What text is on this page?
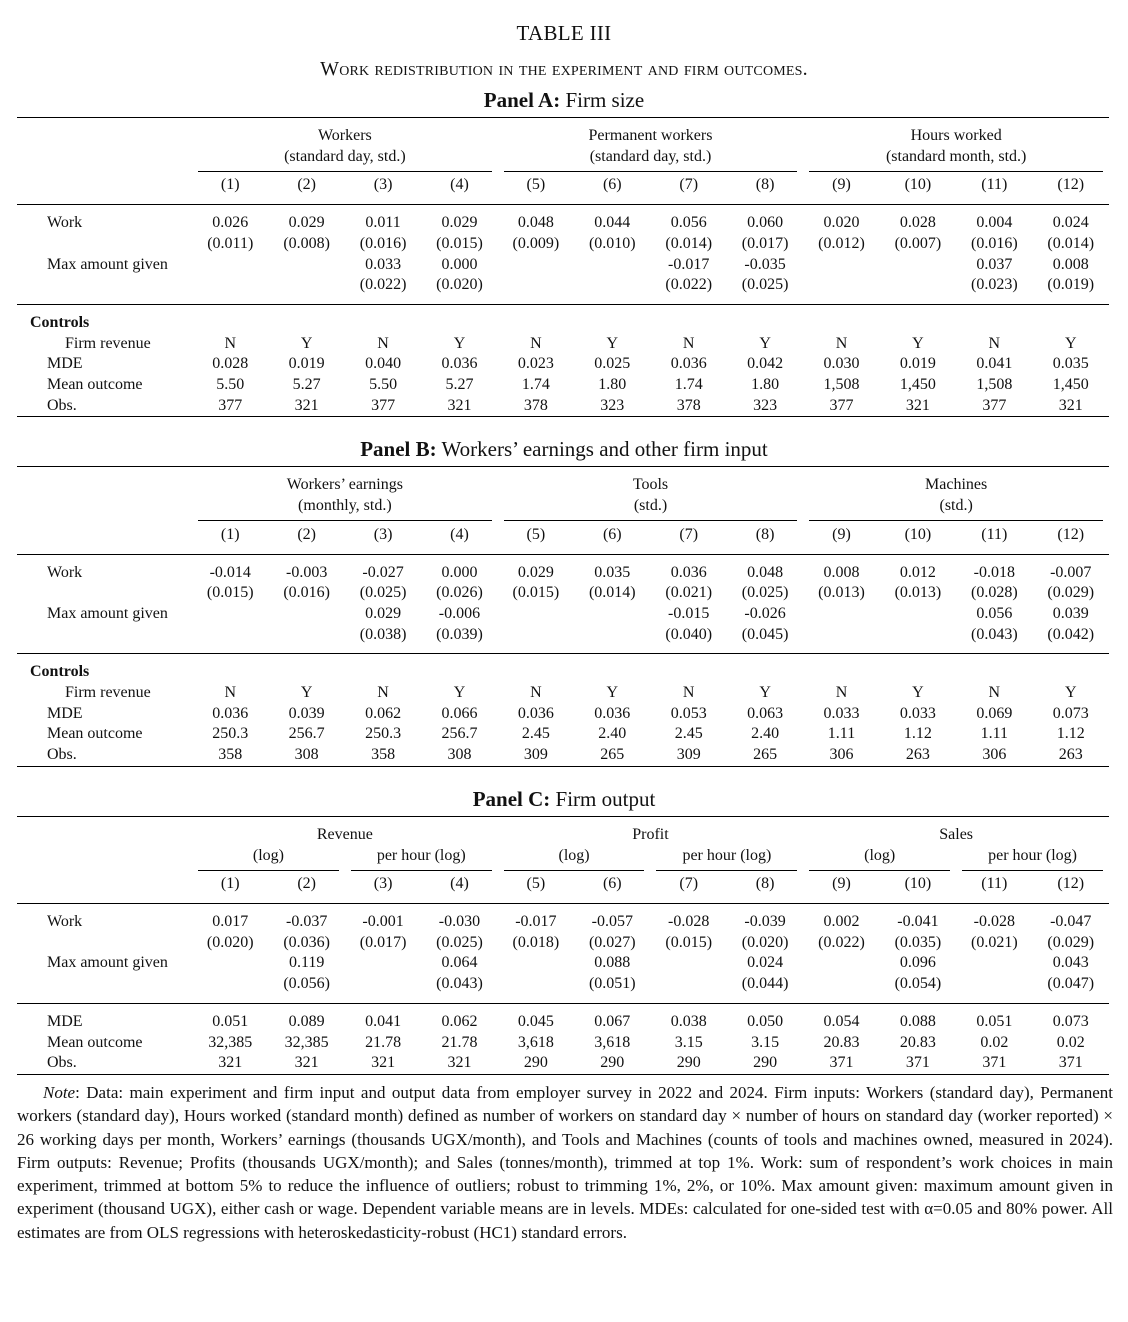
TABLE III
Work redistribution in the experiment and firm outcomes.
Panel A: Firm size

	Workers				Permanent workers				Hours worked			
	(standard day, std.)				(standard day, std.)				(standard month, std.)			

	(1)	(2)	(3)	(4)	(5)	(6)	(7)	(8)	(9)	(10)	(11)	(12)

Work	0.026	0.029	0.011	0.029	0.048	0.044	0.056	0.060	0.020	0.028	0.004	0.024
	(0.011)	(0.008)	(0.016)	(0.015)	(0.009)	(0.010)	(0.014)	(0.017)	(0.012)	(0.007)	(0.016)	(0.014)
Max amount given			0.033	0.000			-0.017	-0.035			0.037	0.008
			(0.022)	(0.020)			(0.022)	(0.025)			(0.023)	(0.019)

Controls												
Firm revenue	N	Y	N	Y	N	Y	N	Y	N	Y	N	Y
MDE	0.028	0.019	0.040	0.036	0.023	0.025	0.036	0.042	0.030	0.019	0.041	0.035
Mean outcome	5.50	5.27	5.50	5.27	1.74	1.80	1.74	1.80	1,508	1,450	1,508	1,450
Obs.	377	321	377	321	378	323	378	323	377	321	377	321
Panel B: Workers’ earnings and other firm input

	Workers’ earnings				Tools				Machines			
	(monthly, std.)				(std.)				(std.)			

	(1)	(2)	(3)	(4)	(5)	(6)	(7)	(8)	(9)	(10)	(11)	(12)

Work	-0.014	-0.003	-0.027	0.000	0.029	0.035	0.036	0.048	0.008	0.012	-0.018	-0.007
	(0.015)	(0.016)	(0.025)	(0.026)	(0.015)	(0.014)	(0.021)	(0.025)	(0.013)	(0.013)	(0.028)	(0.029)
Max amount given			0.029	-0.006			-0.015	-0.026			0.056	0.039
			(0.038)	(0.039)			(0.040)	(0.045)			(0.043)	(0.042)

Controls												
Firm revenue	N	Y	N	Y	N	Y	N	Y	N	Y	N	Y
MDE	0.036	0.039	0.062	0.066	0.036	0.036	0.053	0.063	0.033	0.033	0.069	0.073
Mean outcome	250.3	256.7	250.3	256.7	2.45	2.40	2.45	2.40	1.11	1.12	1.11	1.12
Obs.	358	308	358	308	309	265	309	265	306	263	306	263
Panel C: Firm output

	Revenue				Profit				Sales			
	(log)		per hour (log)		(log)		per hour (log)		(log)		per hour (log)	

	(1)	(2)	(3)	(4)	(5)	(6)	(7)	(8)	(9)	(10)	(11)	(12)

Work	0.017	-0.037	-0.001	-0.030	-0.017	-0.057	-0.028	-0.039	0.002	-0.041	-0.028	-0.047
	(0.020)	(0.036)	(0.017)	(0.025)	(0.018)	(0.027)	(0.015)	(0.020)	(0.022)	(0.035)	(0.021)	(0.029)
Max amount given		0.119		0.064		0.088		0.024		0.096		0.043
		(0.056)		(0.043)		(0.051)		(0.044)		(0.054)		(0.047)

MDE	0.051	0.089	0.041	0.062	0.045	0.067	0.038	0.050	0.054	0.088	0.051	0.073
Mean outcome	32,385	32,385	21.78	21.78	3,618	3,618	3.15	3.15	20.83	20.83	0.02	0.02
Obs.	321	321	321	321	290	290	290	290	371	371	371	371
Note: Data: main experiment and firm input and output data from employer survey in 2022 and 2024. Firm inputs: Workers (standard day), Permanent workers (standard day), Hours worked (standard month) defined as number of workers on standard day × number of hours on standard day (worker reported) × 26 working days per month, Workers’ earnings (thousands UGX/month), and Tools and Machines (counts of tools and machines owned, measured in 2024). Firm outputs: Revenue; Profits (thousands UGX/month); and Sales (tonnes/month), trimmed at top 1%. Work: sum of respondent’s work choices in main experiment, trimmed at bottom 5% to reduce the influence of outliers; robust to trimming 1%, 2%, or 10%. Max amount given: maximum amount given in experiment (thousand UGX), either cash or wage. Dependent variable means are in levels. MDEs: calculated for one-sided test with α=0.05 and 80% power. All estimates are from OLS regressions with heteroskedasticity-robust (HC1) standard errors.
